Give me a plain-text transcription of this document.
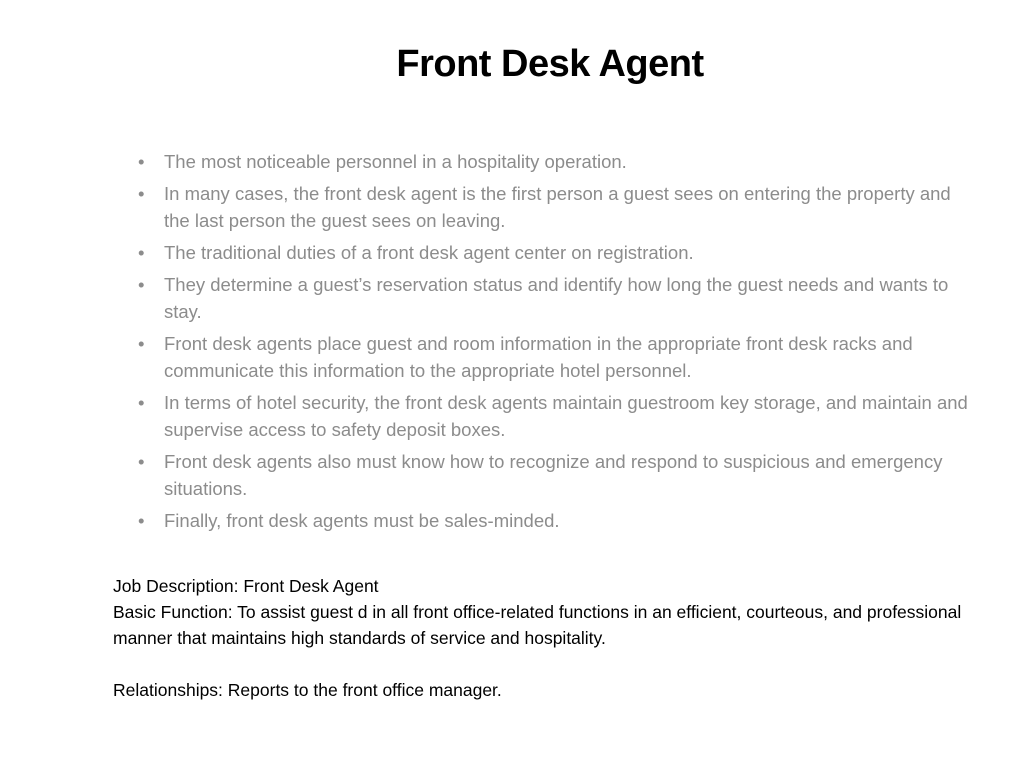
Front Desk Agent
• The most noticeable personnel in a hospitality operation.
• In many cases, the front desk agent is the first person a guest sees on entering the property and the last person the guest sees on leaving.
• The traditional duties of a front desk agent center on registration.
• They determine a guest’s reservation status and identify how long the guest needs and wants to stay.
• Front desk agents place guest and room information in the appropriate front desk racks and communicate this information to the appropriate hotel personnel.
• In terms of hotel security, the front desk agents maintain guestroom key storage, and maintain and supervise access to safety deposit boxes.
• Front desk agents also must know how to recognize and respond to suspicious and emergency situations.
• Finally, front desk agents must be sales-minded.

Job Description: Front Desk Agent

Basic Function: To assist guest d in all front office-related functions in an efficient, courteous, and professional manner that maintains high standards of service and hospitality.

Relationships: Reports to the front office manager.
